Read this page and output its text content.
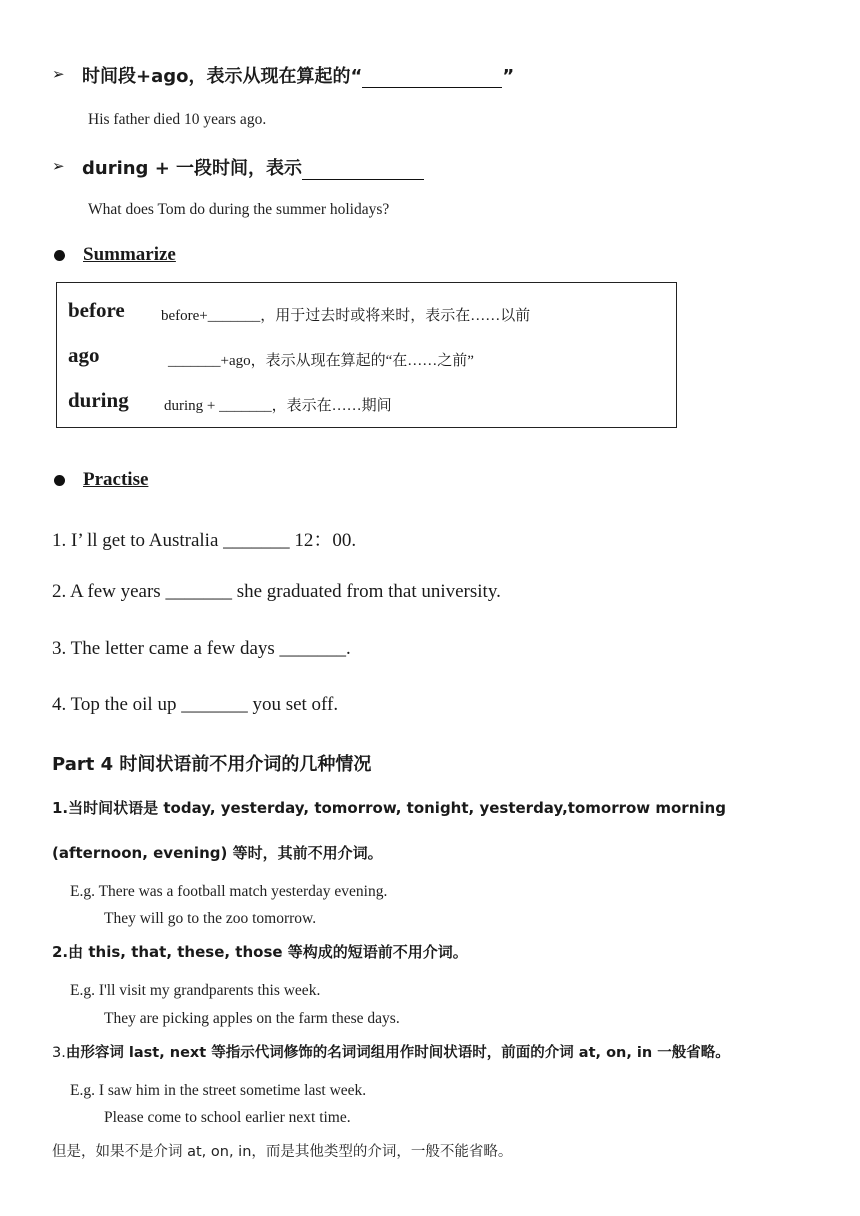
➢ 时间段+ago，表示从现在算起的“	”
His father died 10 years ago.
➢ during + 一段时间，表示
What does Tom do during the summer holidays?
Summarize
before before+_______，用于过去时或将来时，表示在……以前
ago	_______+ago，表示从现在算起的“在……之前”
during during + _______，表示在……期间
Practise
1. I’ ll get to Australia _______ 12：00.
2. A few years _______ she graduated from that university.
3. The letter came a few days _______.
4. Top the oil up _______ you set off.
Part 4 时间状语前不用介词的几种情况
1.当时间状语是 today, yesterday, tomorrow, tonight, yesterday,tomorrow morning
(afternoon, evening) 等时，其前不用介词。
E.g. There was a football match yesterday evening.
They will go to the zoo tomorrow.
2.由 this, that, these, those 等构成的短语前不用介词。
E.g. I'll visit my grandparents this week.
They are picking apples on the farm these days.
3.由形容词 last, next 等指示代词修饰的名词词组用作时间状语时，前面的介词 at, on, in 一般省略。
E.g. I saw him in the street sometime last week.
Please come to school earlier next time.
但是，如果不是介词 at, on, in，而是其他类型的介词，一般不能省略。
